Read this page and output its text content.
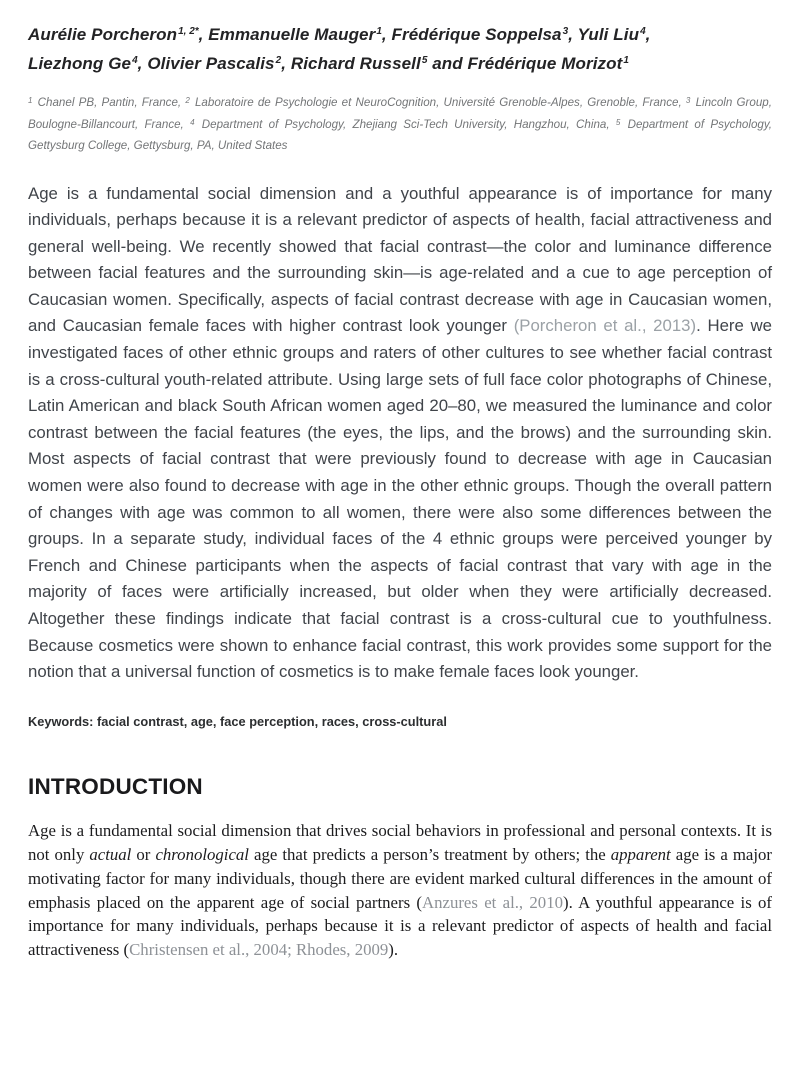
Aurélie Porcheron$^{1, 2*}$, Emmanuelle Mauger$^1$, Frédérique Soppelsa$^3$, Yuli Liu$^4$,
Liezhong Ge$^4$, Olivier Pascalis$^2$, Richard Russell$^5$ and Frédérique Morizot$^1$

$^1$ Chanel PB, Pantin, France, $^2$ Laboratoire de Psychologie et NeuroCognition, Université Grenoble-Alpes, Grenoble, France, $^3$ Lincoln Group, Boulogne-Billancourt, France, $^4$ Department of Psychology, Zhejiang Sci-Tech University, Hangzhou, China, $^5$ Department of Psychology, Gettysburg College, Gettysburg, PA, United States

Age is a fundamental social dimension and a youthful appearance is of importance for many individuals, perhaps because it is a relevant predictor of aspects of health, facial attractiveness and general well-being. We recently showed that facial contrast—the color and luminance difference between facial features and the surrounding skin—is age-related and a cue to age perception of Caucasian women. Specifically, aspects of facial contrast decrease with age in Caucasian women, and Caucasian female faces with higher contrast look younger (Porcheron et al., 2013). Here we investigated faces of other ethnic groups and raters of other cultures to see whether facial contrast is a cross-cultural youth-related attribute. Using large sets of full face color photographs of Chinese, Latin American and black South African women aged 20–80, we measured the luminance and color contrast between the facial features (the eyes, the lips, and the brows) and the surrounding skin. Most aspects of facial contrast that were previously found to decrease with age in Caucasian women were also found to decrease with age in the other ethnic groups. Though the overall pattern of changes with age was common to all women, there were also some differences between the groups. In a separate study, individual faces of the 4 ethnic groups were perceived younger by French and Chinese participants when the aspects of facial contrast that vary with age in the majority of faces were artificially increased, but older when they were artificially decreased. Altogether these findings indicate that facial contrast is a cross-cultural cue to youthfulness. Because cosmetics were shown to enhance facial contrast, this work provides some support for the notion that a universal function of cosmetics is to make female faces look younger.

Keywords: facial contrast, age, face perception, races, cross-cultural

INTRODUCTION

Age is a fundamental social dimension that drives social behaviors in professional and personal contexts. It is not only actual or chronological age that predicts a person’s treatment by others; the apparent age is a major motivating factor for many individuals, though there are evident marked cultural differences in the amount of emphasis placed on the apparent age of social partners (Anzures et al., 2010). A youthful appearance is of importance for many individuals, perhaps because it is a relevant predictor of aspects of health and facial attractiveness (Christensen et al., 2004; Rhodes, 2009).
